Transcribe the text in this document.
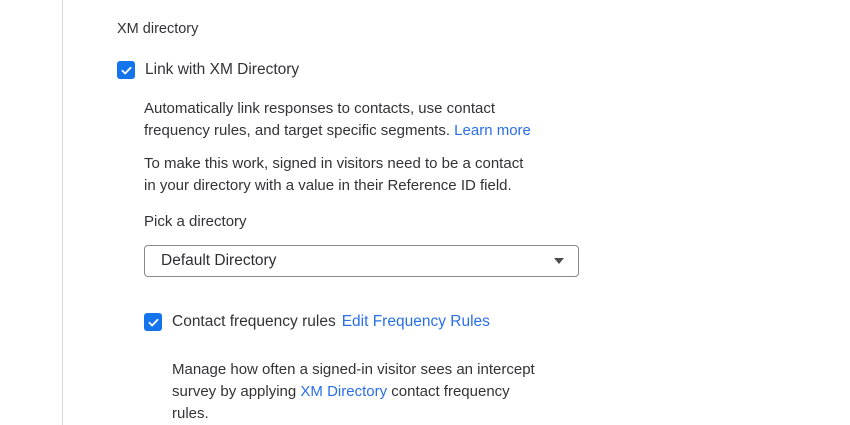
XM directory
Link with XM Directory

Automatically link responses to contacts, use contact
frequency rules, and target specific segments. Learn more

To make this work, signed in visitors need to be a contact
in your directory with a value in their Reference ID field.

Pick a directory
Default Directory
Contact frequency rules Edit Frequency Rules

Manage how often a signed-in visitor sees an intercept
survey by applying XM Directory contact frequency
rules.
